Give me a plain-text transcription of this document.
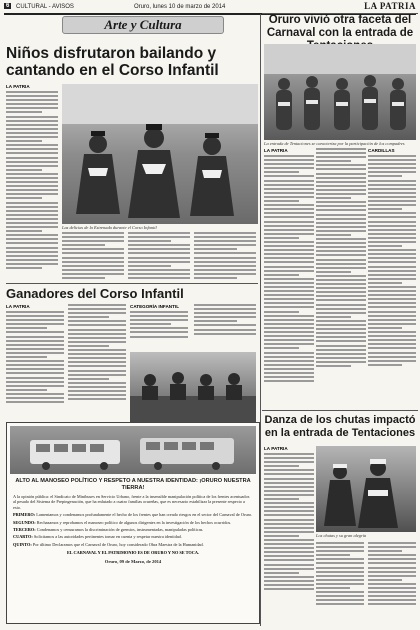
6	CULTURAL - AVISOS	Oruro, lunes 10 de marzo de 2014	LA PATRIA
Arte y Cultura
Niños disfrutaron bailando y cantando en el Corso Infantil
Oruro vivió otra faceta del Carnaval con la entrada de
La entrada de Tentaciones se caracteriza por la participación de los compadres
Las delicias de la Estrenada durante el Corso Infantil
LA PATRIA
LA PATRIA	CARDILLAS
Ganadores del Corso Infantil
LA PATRIA	CATEGORÍA INFANTIL
ALTO AL MANOSEO POLÍTICO Y RESPETO A NUESTRA IDENTIDAD: ¡ORURO NUESTRA TIERRA!
A la opinión pública: el Sindicato de Minibuses en Servicio Urbano, frente a la insensible manipulación política de los frentes acentuados al pesado del Sistema de Prepingenación, que ha enlutado a cuatro familias orureñas, que es necesario estabilizar la presente respecto a esto.
PRIMERO: Lamentamos y condenamos profundamente el hecho de los frentes que han creado riesgos en el sector del Carnaval de Oruro.
SEGUNDO: Rechazamos y reprobamos el manoseo político de algunos dirigentes en la investigación de los hechos ocurridos.
TERCERO: Condenamos y censuramos la discriminación de gremios, instrumentadas, manipuladas políticas.
CUARTO: Solicitamos a las autoridades pertinentes tomar en cuenta y respetar nuestra identidad.
QUINTO: Por último Declaramos que el Carnaval de Oruro, hoy considerado Obra Maestra de la Humanidad.
EL CARNAVAL Y EL PATRIMONIO ES DE ORURO Y NO SE TOCA.
Oruro, 09 de Marzo, de 2014
Danza de los chutas impactó en la entrada de Tentaciones
LA PATRIA
Los chutas y su gran alegría
